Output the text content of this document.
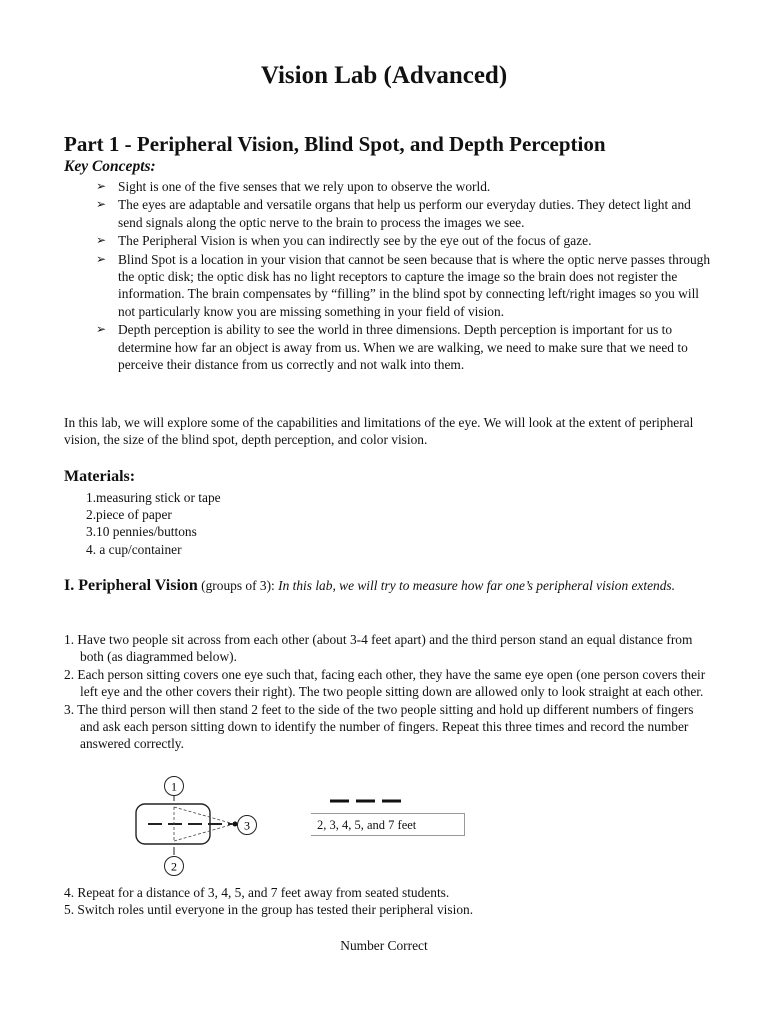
Vision Lab (Advanced)
Part 1 - Peripheral Vision, Blind Spot, and Depth Perception
Key Concepts:
➢ Sight is one of the five senses that we rely upon to observe the world.
➢ The eyes are adaptable and versatile organs that help us perform our everyday duties. They detect light and send signals along the optic nerve to the brain to process the images we see.
➢ The Peripheral Vision is when you can indirectly see by the eye out of the focus of gaze.
➢ Blind Spot is a location in your vision that cannot be seen because that is where the optic nerve passes through the optic disk; the optic disk has no light receptors to capture the image so the brain does not register the information. The brain compensates by “filling” in the blind spot by connecting left/right images so you will not particularly know you are missing something in your field of vision.
➢ Depth perception is ability to see the world in three dimensions. Depth perception is important for us to determine how far an object is away from us. When we are walking, we need to make sure that we need to perceive their distance from us correctly and not walk into them.

In this lab, we will explore some of the capabilities and limitations of the eye. We will look at the extent of peripheral vision, the size of the blind spot, depth perception, and color vision.

Materials:
1.measuring stick or tape
2.piece of paper
3.10 pennies/buttons
4. a cup/container

I. Peripheral Vision (groups of 3): In this lab, we will try to measure how far one’s peripheral vision extends.

1. Have two people sit across from each other (about 3-4 feet apart) and the third person stand an equal distance from both (as diagrammed below).
2. Each person sitting covers one eye such that, facing each other, they have the same eye open (one person covers their left eye and the other covers their right). The two people sitting down are allowed only to look straight at each other.
3. The third person will then stand 2 feet to the side of the two people sitting and hold up different numbers of fingers and ask each person sitting down to identify the number of fingers. Repeat this three times and record the number answered correctly.
1
3
2
2, 3, 4, 5, and 7 feet
4. Repeat for a distance of 3, 4, 5, and 7 feet away from seated students.
5. Switch roles until everyone in the group has tested their peripheral vision.
Number Correct
